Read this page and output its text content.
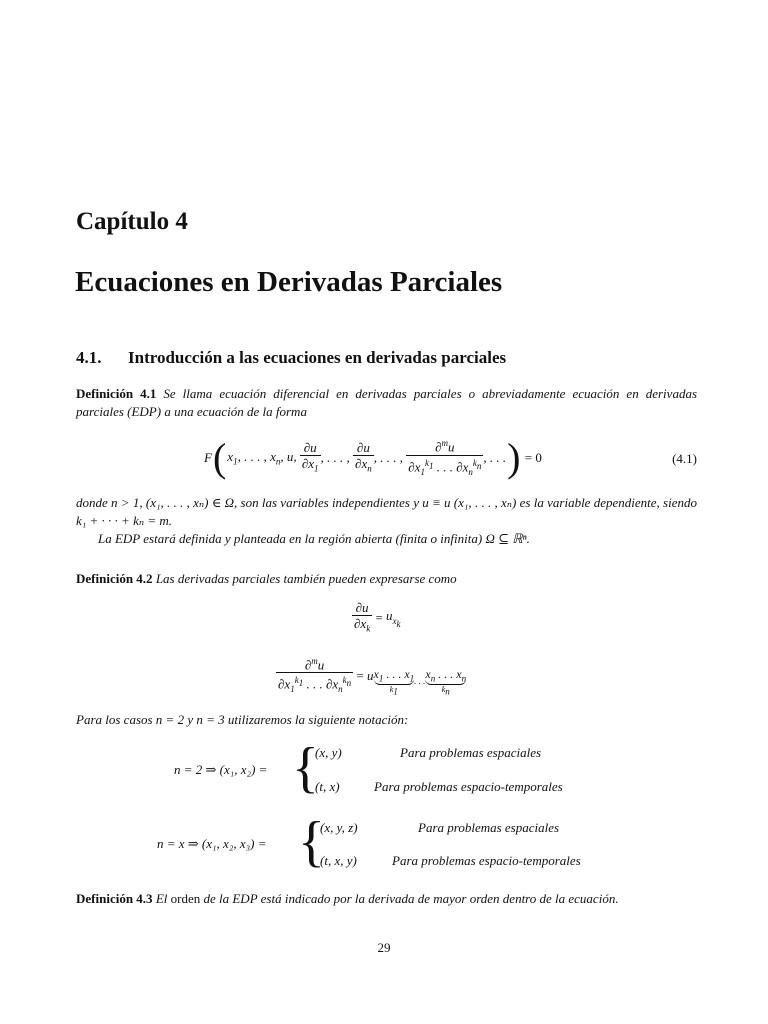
Capítulo 4
Ecuaciones en Derivadas Parciales
4.1. Introducción a las ecuaciones en derivadas parciales
Definición 4.1 Se llama ecuación diferencial en derivadas parciales o abreviadamente ecuación en derivadas parciales (EDP) a una ecuación de la forma
F ( $x_1$, . . . , $x_n$, u, $\frac{\partial u}{\partial x_1}$ , . . . , $\frac{\partial u}{\partial x_n}$ , . . . , $\frac{\partial^mu}{\partial x_1^{k_1} . . . \partial x_n^{k_n}}$ , . . . ) = 0	(4.1)
donde n > 1, (x₁, . . . , xₙ) ∈ Ω, son las variables independientes y u ≡ u (x₁, . . . , xₙ) es la variable dependiente, siendo k₁ + · · · + kₙ = m.
La EDP estará definida y planteada en la región abierta (finita o infinita) Ω ⊆ ℝⁿ.
Definición 4.2 Las derivadas parciales también pueden expresarse como
$\frac{\partial u}{\partial x_k} = u_{x_k}$
$\frac{\partial^mu}{\partial x_1^{k_1} . . . \partial x_n^{k_n}} = u$ $x_1$ . . . $x_1$
$k_1$
. . . $x_n$ . . . $x_n$
$k_n$
Para los casos n = 2 y n = 3 utilizaremos la siguiente notación:
n = 2 ⇒ (x₁, x₂) = {
(x, y)	Para problemas espaciales
(t, x)	Para problemas espacio-temporales
n = x ⇒ (x₁, x₂, x₃) = {
(x, y, z)	Para problemas espaciales
(t, x, y)	Para problemas espacio-temporales
Definición 4.3 El orden de la EDP está indicado por la derivada de mayor orden dentro de la ecuación.
29
